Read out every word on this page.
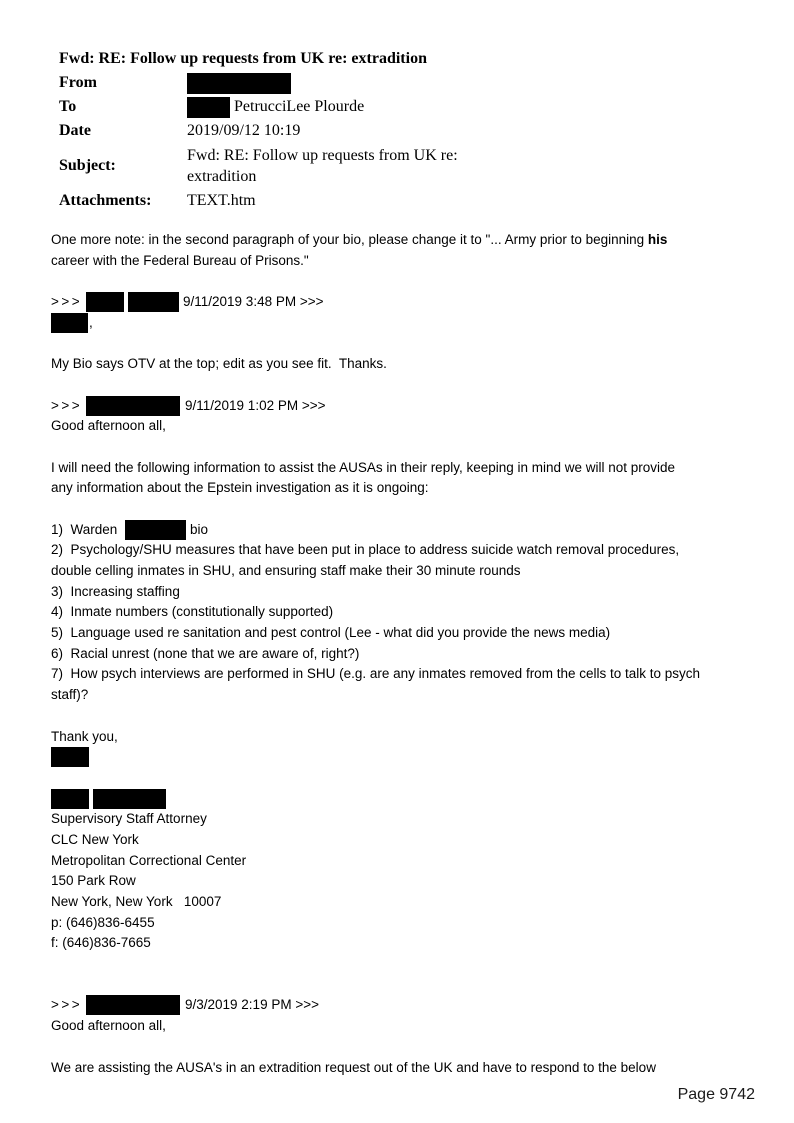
Fwd: RE: Follow up requests from UK re: extradition
From
To	PetrucciLee Plourde
Date	2019/09/12 10:19
Subject:
Fwd: RE: Follow up requests from UK re:
extradition
Attachments: TEXT.htm
One more note: in the second paragraph of your bio, please change it to "... Army prior to beginning his
career with the Federal Bureau of Prisons."

>>>

	9/11/2019 3:48 PM >>>

,

My Bio says OTV at the top; edit as you see fit.  Thanks.

>>>

	9/11/2019 1:02 PM >>>

Good afternoon all,
I will need the following information to assist the AUSAs in their reply, keeping in mind we will not provide
any information about the Epstein investigation as it is ongoing:

1)  Warden

	bio

2)  Psychology/SHU measures that have been put in place to address suicide watch removal procedures,
double celling inmates in SHU, and ensuring staff make their 30 minute rounds
3)  Increasing staffing
4)  Inmate numbers (constitutionally supported)
5)  Language used re sanitation and pest control (Lee - what did you provide the news media)
6)  Racial unrest (none that we are aware of, right?)
7)  How psych interviews are performed in SHU (e.g. are any inmates removed from the cells to talk to psych
staff)?
Thank you,

Supervisory Staff Attorney
CLC New York
Metropolitan Correctional Center
150 Park Row
New York, New York   10007
p: (646)836-6455
f: (646)836-7665

>>>

	9/3/2019 2:19 PM >>>

Good afternoon all,
We are assisting the AUSA's in an extradition request out of the UK and have to respond to the below
Page 9742
